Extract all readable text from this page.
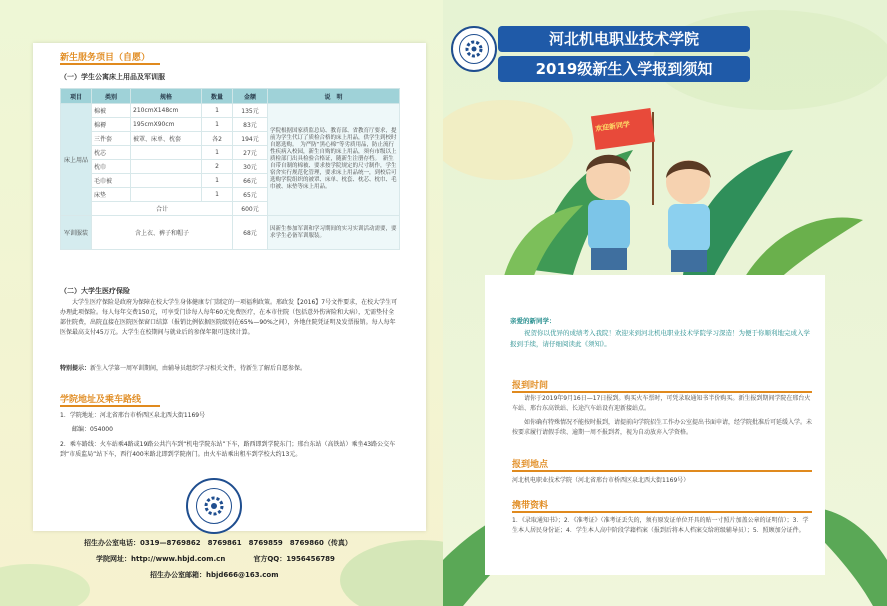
新生服务项目（自愿）
（一）学生公寓床上用品及军训服
项目	类别	规格	数量	金额	说　明
床上用品	棉被	210cmX148cm	1	135元	学院根据国家质监总局、教育部、省教育厅要求，提前为学生代订了质检合格的床上用品，供学生到校时自愿选购。　为严防“黑心棉”等劣质用品，防止流行性疾病入校园，新生自购的床上用品，须有市级以上质检部门出具检验合格证，随新生注册存档。　新生自带自制的棉被、要求按学院规定的尺寸制作，学生宿舍实行规范化管理，要求床上用品统一，到校后可选购学院组织的被罩、床单、枕套、枕芯、枕巾、毛巾被、床垫等床上用品。
	棉褥	195cmX90cm	1	83元	
	三件套	被罩、床单、枕套	各2	194元	
	枕芯		1	27元	
	枕巾		2	30元	
	毛巾被		1	66元	
	床垫		1	65元	
	合计			600元	
军训服装	含上衣、裤子和帽子			68元	因新生参加军训和学习期间的实习实训活动需要，要求学生必备军训服装。
（二）大学生医疗保险
大学生医疗保险是政府为保障在校大学生身体健康专门制定的一项福利政策。邢政发【2016】7号文件要求，在校大学生可办理此项保险。每人每年交费150元，可享受门诊每人每年60元免费医疗，在本市住院（包括意外伤害险和大病），无需垫付全部住院费，出院直接在医院医保窗口结算（报销比例依据医院级别在65%—90%之间），外地住院凭证明及发票报销。每人每年医保最高支付45万元。大学生在校期间与就业后的参保年限可连续计算。
特别提示：新生入学第一周军训期间，由辅导员组织学习相关文件，待新生了解后自愿参保。
学院地址及乘车路线
1．学院地址：河北省邢台市桥西区泉北西大街1169号
邮编：054000
2．乘车路线：火车站乘4路或19路公共汽车到“机电学院东站”下车，路西即到学院东门；邢台东站（高铁站）乘坐43路公交车到“市质监局”站下车，西行400米路北即到学院南门。由火车站乘出租车到学校大约13元。
招生办公室电话：0319—8769862　8769861　8769859　8769860（传真）
学院网址：http://www.hbjd.com.cn　　　　官方QQ：1956456789
招生办公室邮箱：hbjd666@163.com
欢迎新同学
河北机电职业技术学院
2019级新生入学报到须知
亲爱的新同学：
祝贺你以优异的成绩考入我院！欢迎来到河北机电职业技术学院学习深造！为便于你顺利地完成入学报到手续，请仔细阅读此《须知》。
报到时间
请你于2019年9月16日—17日报到。购买火车票时，可凭录取通知书半价购买。新生报到期间学院在邢台火车站、邢台东高铁站、长途汽车站设有迎新接站点。
如你确有特殊情况不能按时报到，请提前向学院招生工作办公室提出书面申请，经学院批准后可延缓入学。未按要求履行请假手续、逾期一周不报到者，视为自动放弃入学资格。
报到地点
河北机电职业技术学院（河北省邢台市桥西区泉北西大街1169号）
携带资料
1．《录取通知书》；2．《准考证》（准考证丢失的，须有原发证单位开具的贴一寸照片加盖公章的证明信）；3．学生本人居民身份证；4．学生本人高中阶段学籍档案（报到后将本人档案交给班级辅导员）；5．照顾加分证件。
